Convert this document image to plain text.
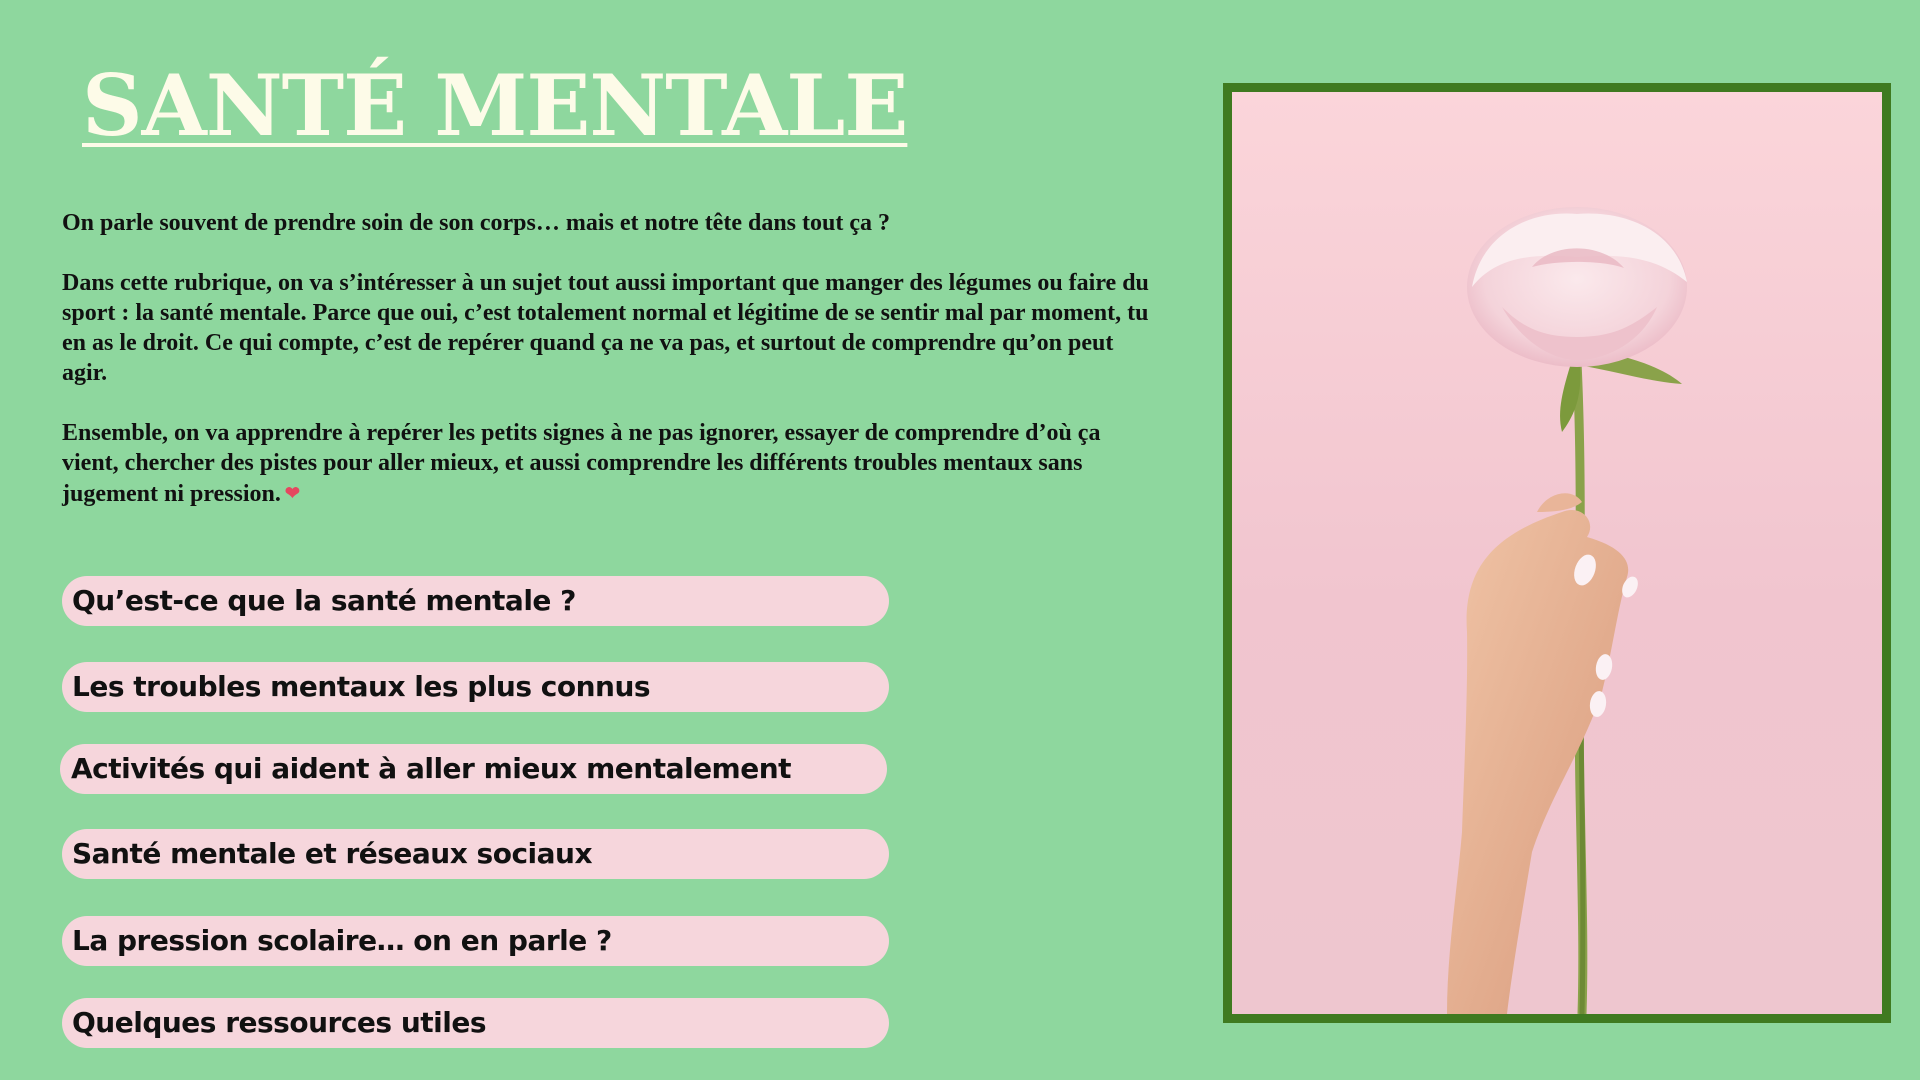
SANTÉ MENTALE

On parle souvent de prendre soin de son corps… mais et notre tête dans tout ça ?

Dans cette rubrique, on va s’intéresser à un sujet tout aussi important que manger des légumes ou faire du sport : la santé mentale. Parce que oui, c’est totalement normal et légitime de se sentir mal par moment, tu en as le droit. Ce qui compte, c’est de repérer quand ça ne va pas, et surtout de comprendre qu’on peut agir.

Ensemble, on va apprendre à repérer les petits signes à ne pas ignorer, essayer de comprendre d’où ça vient, chercher des pistes pour aller mieux, et aussi comprendre les différents troubles mentaux sans jugement ni pression. ❤

Qu’est-ce que la santé mentale ?
Les troubles mentaux les plus connus
Activités qui aident à aller mieux mentalement
Santé mentale et réseaux sociaux
La pression scolaire… on en parle ?
Quelques ressources utiles
